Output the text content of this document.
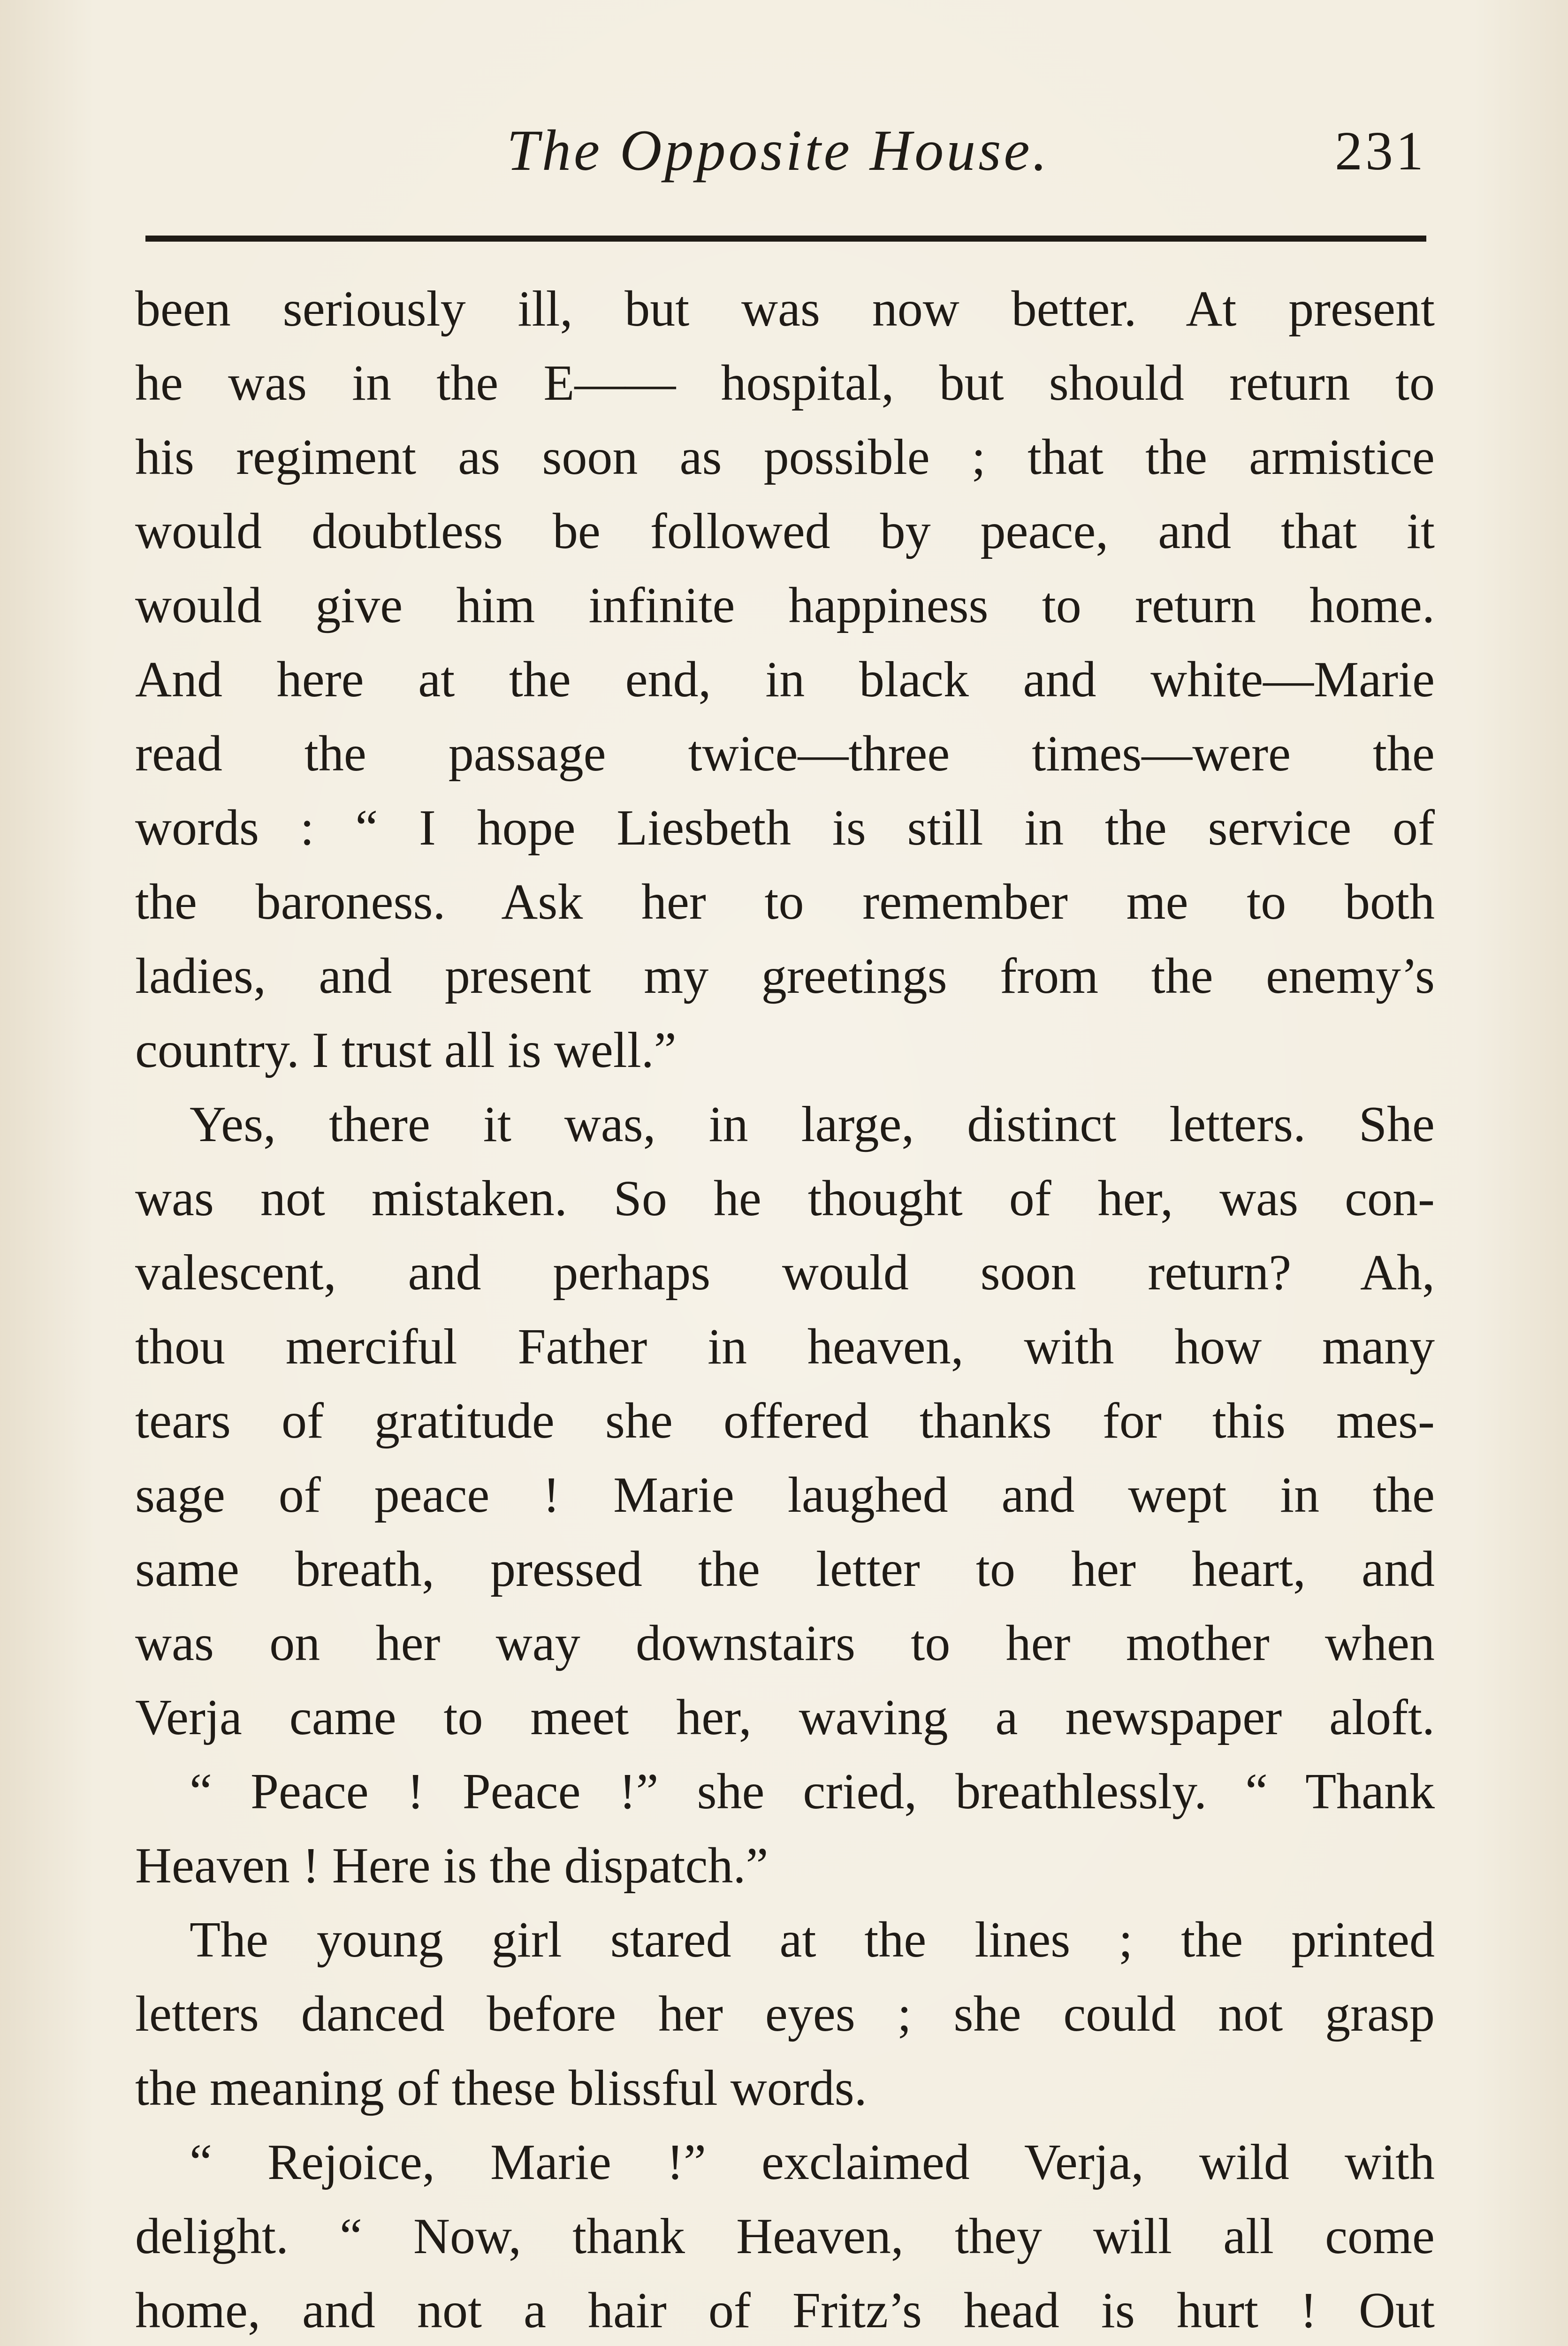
The Opposite House.	231
been seriously ill, but was now better. At present
he was in the E—— hospital, but should return to
his regiment as soon as possible ; that the armistice
would doubtless be followed by peace, and that it
would give him infinite happiness to return home.
And here at the end, in black and white—Marie
read the passage twice—three times—were the
words : “ I hope Liesbeth is still in the service of
the baroness. Ask her to remember me to both
ladies, and present my greetings from the enemy’s
country. I trust all is well.”
Yes, there it was, in large, distinct letters. She
was not mistaken. So he thought of her, was con-
valescent, and perhaps would soon return? Ah,
thou merciful Father in heaven, with how many
tears of gratitude she offered thanks for this mes-
sage of peace ! Marie laughed and wept in the
same breath, pressed the letter to her heart, and
was on her way downstairs to her mother when
Verja came to meet her, waving a newspaper aloft.
“ Peace ! Peace !” she cried, breathlessly. “ Thank
Heaven ! Here is the dispatch.”
The young girl stared at the lines ; the printed
letters danced before her eyes ; she could not grasp
the meaning of these blissful words.
“ Rejoice, Marie !” exclaimed Verja, wild with
delight. “ Now, thank Heaven, they will all come
home, and not a hair of Fritz’s head is hurt ! Out
